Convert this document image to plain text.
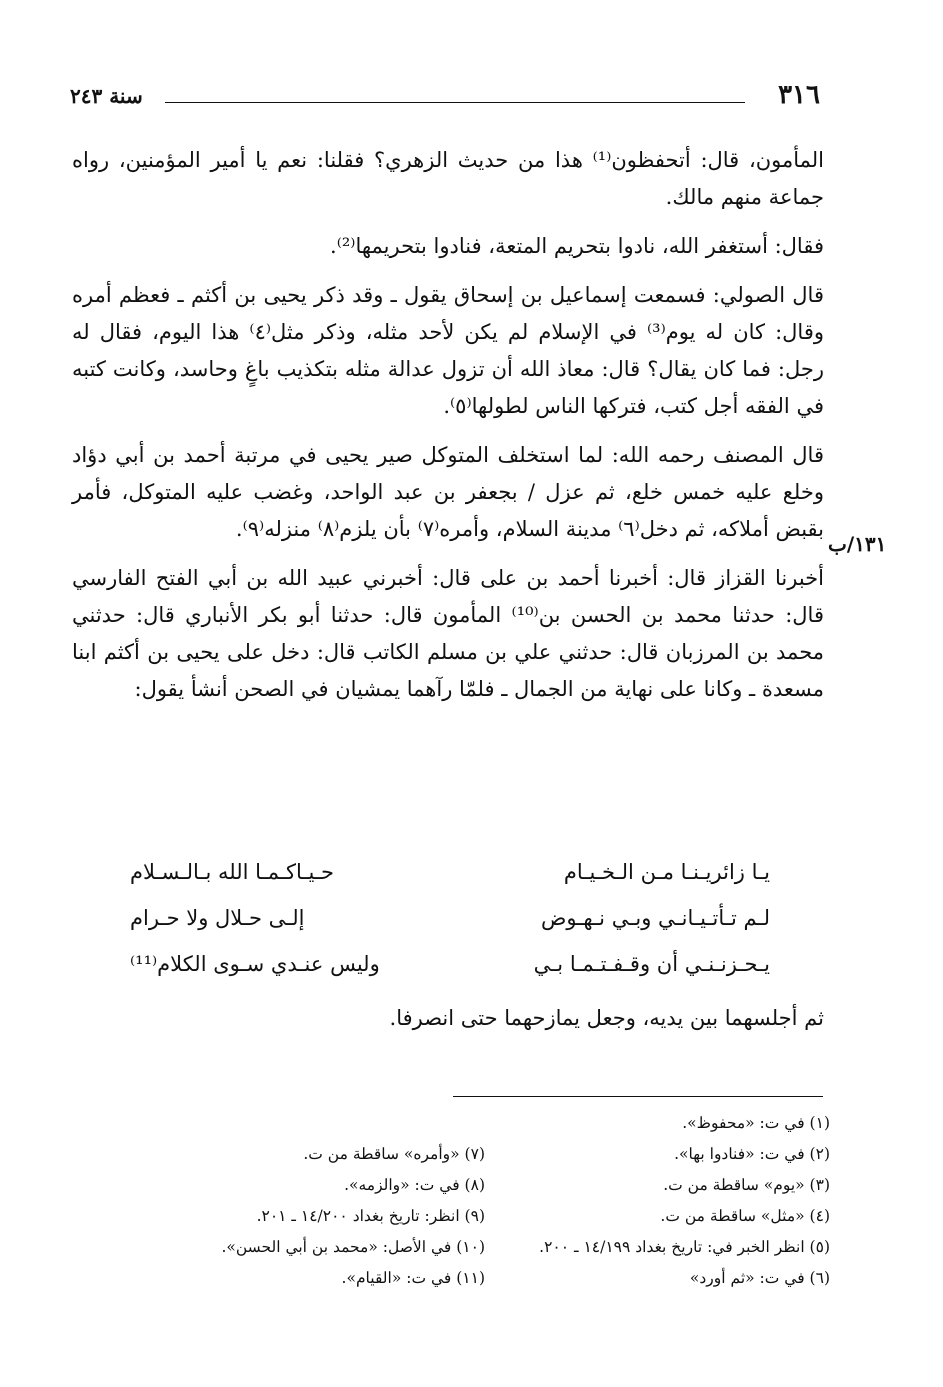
٣١٦
سنة ٢٤٣

المأمون، قال: أتحفظون⁽¹⁾ هذا من حديث الزهري؟ فقلنا: نعم يا أمير المؤمنين، رواه جماعة منهم مالك.

فقال: أستغفر الله، نادوا بتحريم المتعة، فنادوا بتحريمها⁽²⁾.

قال الصولي: فسمعت إسماعيل بن إسحاق يقول ـ وقد ذكر يحيى بن أكثم ـ فعظم أمره وقال: كان له يوم⁽³⁾ في الإسلام لم يكن لأحد مثله، وذكر مثل⁽٤⁾ هذا اليوم، فقال له رجل: فما كان يقال؟ قال: معاذ الله أن تزول عدالة مثله بتكذيب باغٍ وحاسد، وكانت كتبه في الفقه أجل كتب، فتركها الناس لطولها⁽٥⁾.

قال المصنف رحمه الله: لما استخلف المتوكل صير يحيى في مرتبة أحمد بن أبي دؤاد وخلع عليه خمس خلع، ثم عزل / بجعفر بن عبد الواحد، وغضب عليه المتوكل، فأمر بقبض أملاكه، ثم دخل⁽٦⁾ مدينة السلام، وأمره⁽٧⁾ بأن يلزم⁽٨⁾ منزله⁽٩⁾.

أخبرنا القزاز قال: أخبرنا أحمد بن على قال: أخبرني عبيد الله بن أبي الفتح الفارسي قال: حدثنا محمد بن الحسن بن⁽¹⁰⁾ المأمون قال: حدثنا أبو بكر الأنباري قال: حدثني محمد بن المرزبان قال: حدثني علي بن مسلم الكاتب قال: دخل على يحيى بن أكثم ابنا مسعدة ـ وكانا على نهاية من الجمال ـ فلمّا رآهما يمشيان في الصحن أنشأ يقول:

١٣١/ب
يـا زائريـنـا مـن الـخـيـام
حـيـاكـمـا الله بـالـسـلام
لـم تـأتـيـانـي وبـي نـهـوض
إلـى حـلال ولا حـرام
يـحـزنـنـي أن وقـفـتـمـا بـي
وليس عنـدي سـوى الكلام⁽¹¹⁾
ثم أجلسهما بين يديه، وجعل يمازحهما حتى انصرفا.
(١) في ت: «محفوظ».
(٢) في ت: «فنادوا بها».
(٣) «يوم» ساقطة من ت.
(٤) «مثل» ساقطة من ت.
(٥) انظر الخبر في: تاريخ بغداد ١٤/١٩٩ ـ ٢٠٠.
(٦) في ت: «ثم أورد»
(٧) «وأمره» ساقطة من ت.
(٨) في ت: «والزمه».
(٩) انظر: تاريخ بغداد ١٤/٢٠٠ ـ ٢٠١.
(١٠) في الأصل: «محمد بن أبي الحسن».
(١١) في ت: «القيام».
